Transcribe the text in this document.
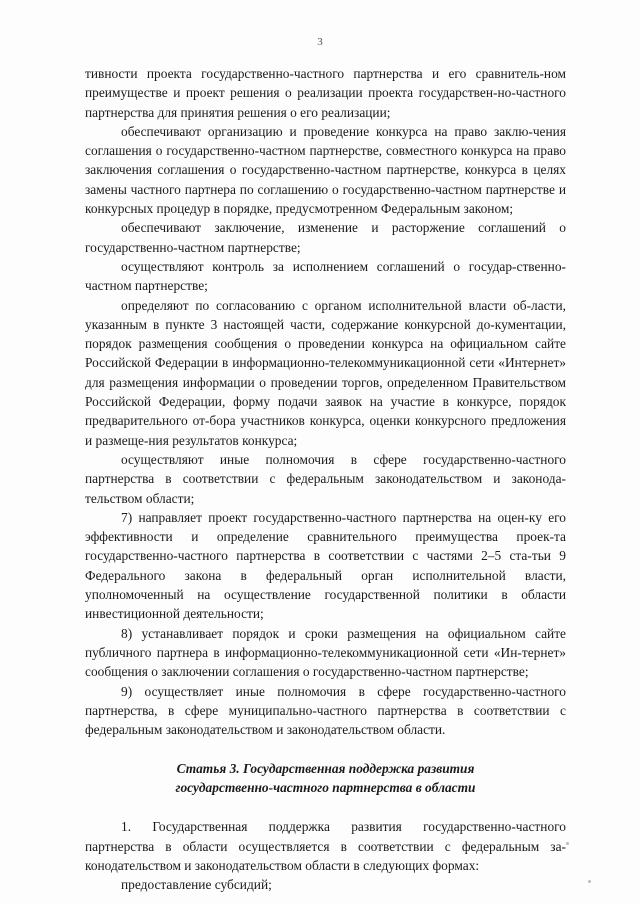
3

тивности проекта государственно-частного партнерства и его сравнитель-ном преимуществе и проект решения о реализации проекта государствен-но-частного партнерства для принятия решения о его реализации;

обеспечивают организацию и проведение конкурса на право заклю-чения соглашения о государственно-частном партнерстве, совместного конкурса на право заключения соглашения о государственно-частном партнерстве, конкурса в целях замены частного партнера по соглашению о государственно-частном партнерстве и конкурсных процедур в порядке, предусмотренном Федеральным законом;

обеспечивают заключение, изменение и расторжение соглашений о государственно-частном партнерстве;

осуществляют контроль за исполнением соглашений о государ-ственно-частном партнерстве;

определяют по согласованию с органом исполнительной власти об-ласти, указанным в пункте 3 настоящей части, содержание конкурсной до-кументации, порядок размещения сообщения о проведении конкурса на официальном сайте Российской Федерации в информационно-телекоммуникационной сети «Интернет» для размещения информации о проведении торгов, определенном Правительством Российской Федерации, форму подачи заявок на участие в конкурсе, порядок предварительного от-бора участников конкурса, оценки конкурсного предложения и размеще-ния результатов конкурса;

осуществляют иные полномочия в сфере государственно-частного партнерства в соответствии с федеральным законодательством и законода-тельством области;

7) направляет проект государственно-частного партнерства на оцен-ку его эффективности и определение сравнительного преимущества проек-та государственно-частного партнерства в соответствии с частями 2–5 ста-тьи 9 Федерального закона в федеральный орган исполнительной власти, уполномоченный на осуществление государственной политики в области инвестиционной деятельности;

8) устанавливает порядок и сроки размещения на официальном сайте публичного партнера в информационно-телекоммуникационной сети «Ин-тернет» сообщения о заключении соглашения о государственно-частном партнерстве;

9) осуществляет иные полномочия в сфере государственно-частного партнерства, в сфере муниципально-частного партнерства в соответствии с федеральным законодательством и законодательством области.

Статья 3. Государственная поддержка развития
государственно-частного партнерства в области

1. Государственная поддержка развития государственно-частного партнерства в области осуществляется в соответствии с федеральным за-конодательством и законодательством области в следующих формах:

предоставление субсидий;
